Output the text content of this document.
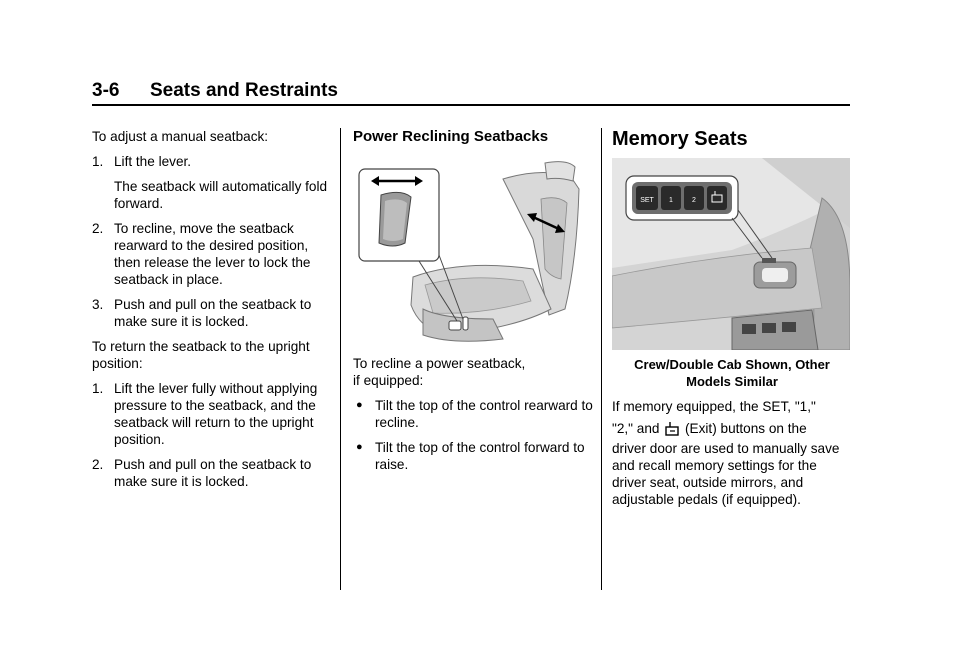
3-6 Seats and Restraints

To adjust a manual seatback:

1. Lift the lever.
The seatback will automatically fold forward.
2. To recline, move the seatback rearward to the desired position, then release the lever to lock the seatback in place.
3. Push and pull on the seatback to make sure it is locked.

To return the seatback to the upright position:

1. Lift the lever fully without applying pressure to the seatback, and the seatback will return to the upright position.
2. Push and pull on the seatback to make sure it is locked.

Power Reclining Seatbacks

To recline a power seatback,

if equipped:

● Tilt the top of the control rearward to recline.
● Tilt the top of the control forward to raise.

Memory Seats

SET 1	2

Crew/Double Cab Shown, Other

Models Similar

If memory equipped, the SET, "1,"

"2," and (Exit) buttons on the

driver door are used to manually save and recall memory settings for the driver seat, outside mirrors, and adjustable pedals (if equipped).
